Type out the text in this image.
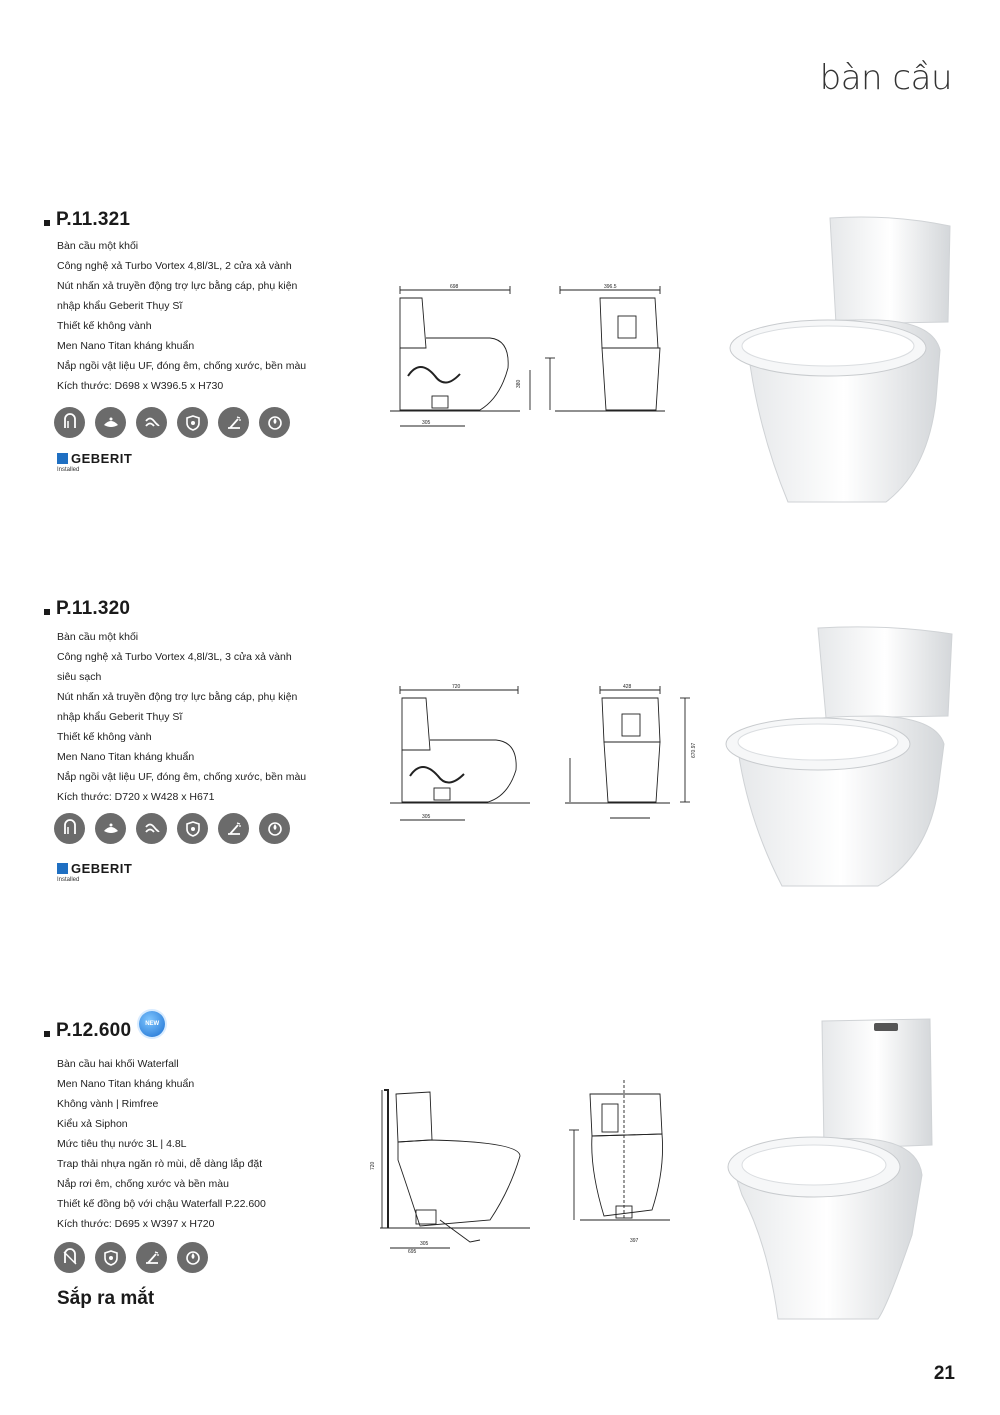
bàn cầu
P.11.321
Bàn cầu một khối
Công nghệ xả Turbo Vortex 4,8l/3L, 2 cửa xả vành
Nút nhấn xả truyền động trợ lực bằng cáp, phụ kiện
nhập khẩu Geberit Thụy Sĩ
Thiết kế không vành
Men Nano Titan kháng khuẩn
Nắp ngồi vật liệu UF, đóng êm, chống xước, bền màu
Kích thước: D698 x W396.5 x H730
GEBERIT
Installed
698	396.5
305
380
P.11.320
Bàn cầu một khối
Công nghệ xả Turbo Vortex 4,8l/3L, 3 cửa xả vành
siêu sạch
Nút nhấn xả truyền động trợ lực bằng cáp, phụ kiện
nhập khẩu Geberit Thụy Sĩ
Thiết kế không vành
Men Nano Titan kháng khuẩn
Nắp ngồi vật liệu UF, đóng êm, chống xước, bền màu
Kích thước: D720 x W428 x H671
GEBERIT
Installed
720	428
305
670.97
P.12.600	NEW
Bàn cầu hai khối Waterfall
Men Nano Titan kháng khuẩn
Không vành | Rimfree
Kiểu xả Siphon
Mức tiêu thụ nước 3L | 4.8L
Trap thải nhựa ngăn rò mùi, dễ dàng lắp đặt
Nắp rơi êm, chống xước và bền màu
Thiết kế đồng bộ với chậu Waterfall P.22.600
Kích thước: D695 x W397 x H720
Sắp ra mắt
695
305
720
397
21
